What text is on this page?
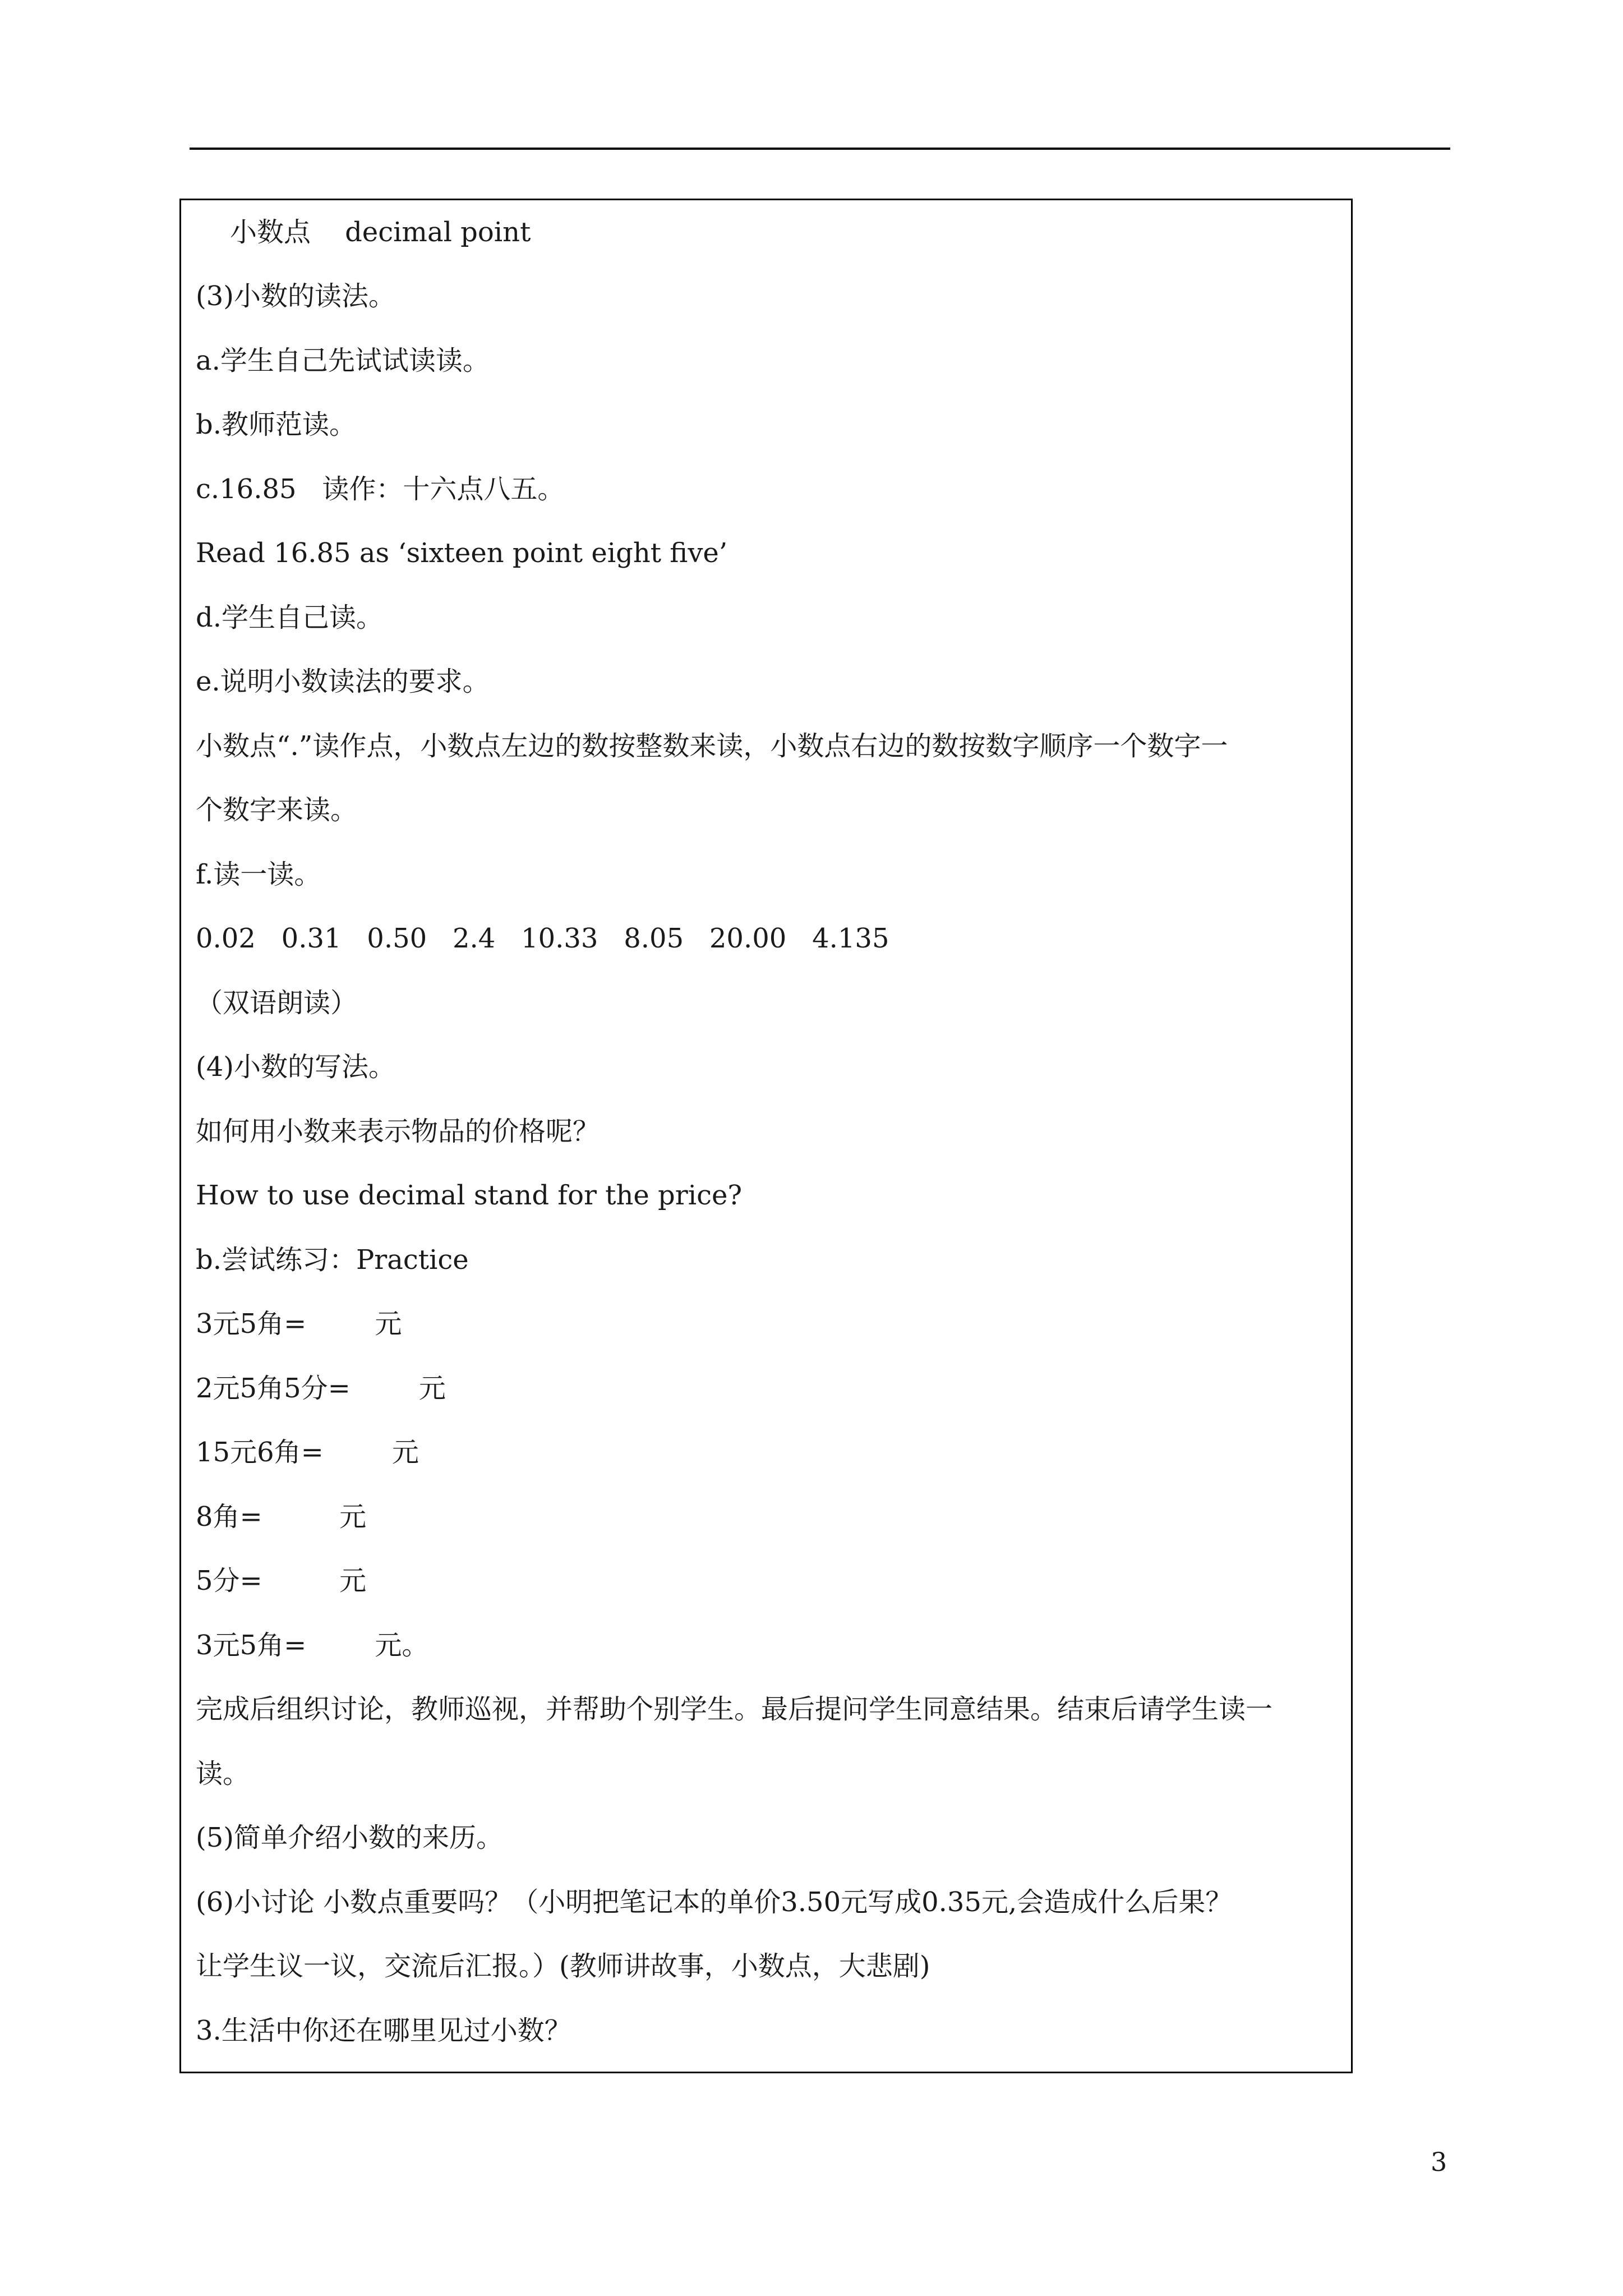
小数点    decimal point
(3)小数的读法。
a.学生自己先试试读读。
b.教师范读。
c.16.85   读作：十六点八五。
Read 16.85 as ‘sixteen point eight five’
d.学生自己读。
e.说明小数读法的要求。
小数点“.”读作点，小数点左边的数按整数来读，小数点右边的数按数字顺序一个数字一
个数字来读。
f.读一读。
0.02   0.31   0.50   2.4   10.33   8.05   20.00   4.135
（双语朗读）
(4)小数的写法。
如何用小数来表示物品的价格呢？
How to use decimal stand for the price?
b.尝试练习：Practice
3元5角=        元
2元5角5分=        元
15元6角=        元
8角=         元
5分=         元
3元5角=        元。
完成后组织讨论，教师巡视，并帮助个别学生。最后提问学生同意结果。结束后请学生读一
读。
(5)简单介绍小数的来历。
(6)小讨论 小数点重要吗？（小明把笔记本的单价3.50元写成0.35元,会造成什么后果？
让学生议一议，交流后汇报。）(教师讲故事，小数点，大悲剧)
3.生活中你还在哪里见过小数？
3
